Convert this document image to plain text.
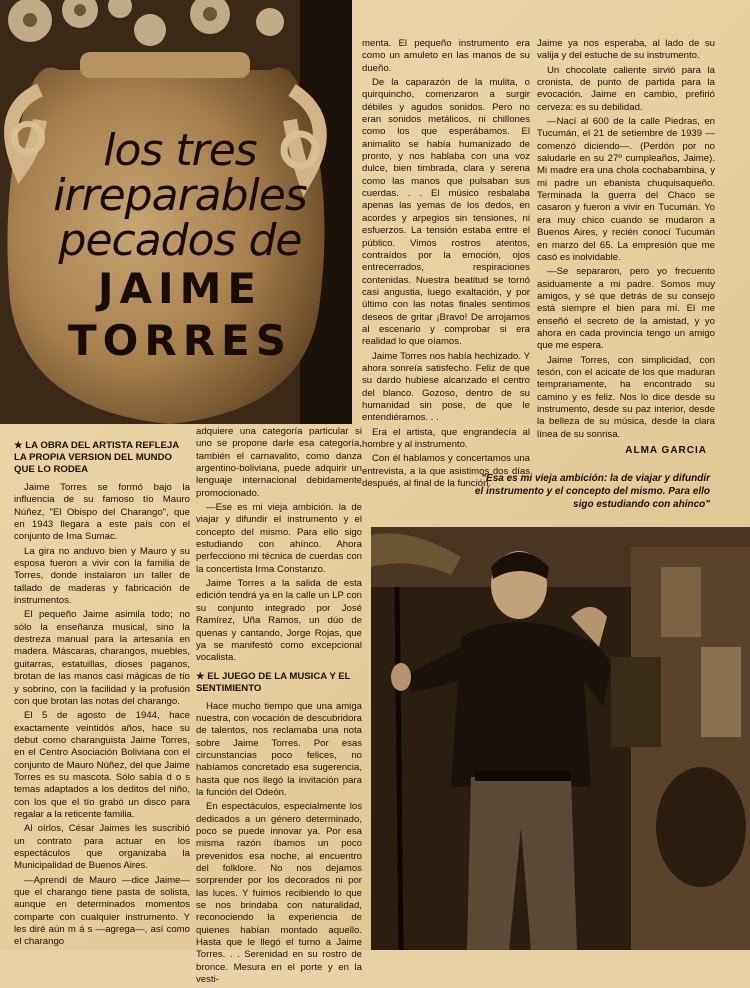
los tres
irreparables
pecados de
JAIME
TORRES
★ LA OBRA DEL ARTISTA REFLEJA LA PROPIA VERSION DEL MUNDO QUE LO RODEA

Jaime Torres se formó bajo la influencia de su famoso tío Mauro Núñez, "El Obispo del Charango", que en 1943 llegara a este país con el conjunto de Ima Sumac.

La gira no anduvo bien y Mauro y su esposa fueron a vivir con la familia de Torres, donde instalaron un taller de tallado de maderas y fabricación de instrumentos.

El pequeño Jaime asimila todo; no sólo la enseñanza musical, sino la destreza manual para la artesanía en madera. Máscaras, charangos, muebles, guitarras, estatuillas, dioses paganos, brotan de las manos casi mágicas de tío y sobrino, con la facilidad y la profusión con que brotan las notas del charango.

El 5 de agosto de 1944, hace exactamente veintidós años, hace su debut como charanguista Jaime Torres, en el Centro Asociación Boliviana con el conjunto de Mauro Núñez, del que Jaime Torres es su mascota. Sólo sabía d o s temas adaptados a los deditos del niño, con los que el tío grabó un disco para regalar a la reticente familia.

Al oírlos, César Jaimes les suscribió un contrato para actuar en los espectáculos que organizaba la Municipalidad de Buenos Aires.

—Aprendí de Mauro —dice Jaime— que el charango tiene pasta de solista, aunque en determinados momentos comparte con cualquier instrumento. Y les diré aún m á s —agrega—, así como el charango

adquiere una categoría particular si uno se propone darle esa categoría, también el carnavalito, como danza argentino-boliviana, puede adquirir un lenguaje internacional debidamente promocionado.

—Ese es mi vieja ambición. la de viajar y difundir el instrumento y el concepto del mismo. Para ello sigo estudiando con ahínco. Ahora perfecciono mi técnica de cuerdas con la concertista Irma Constanzo.

Jaime Torres a la salida de esta edición tendrá ya en la calle un LP con su conjunto integrado por José Ramírez, Uña Ramos, un dúo de quenas y cantando, Jorge Rojas, que ya se manifestó como excepcional vocalista.

★ EL JUEGO DE LA MUSICA Y EL SENTIMIENTO

Hace mucho tiempo que una amiga nuestra, con vocación de descubridora de talentos, nos reclamaba una nota sobre Jaime Torres. Por esas circunstancias poco felices, no habíamos concretado esa sugerencia, hasta que nos llegó la invitación para la función del Odeón.

En espectáculos, especialmente los dedicados a un género determinado, poco se puede innovar ya. Por esa misma razón íbamos un poco prevenidos esa noche, al encuentro del folklore. No nos dejamos sorprender por los decorados ni por las luces. Y fuimos recibiendo lo que se nos brindaba con naturalidad, reconociendo la experiencia de quienes habían montado aquello. Hasta que le llegó el turno a Jaime Torres. . . Serenidad en su rostro de bronce. Mesura en el porte y en la vesti-

menta. El pequeño instrumento era como un amuleto en las manos de su dueño.

De la caparazón de la mulita, o quirquincho, comenzaron a surgir débiles y agudos sonidos. Pero no eran sonidos metálicos, ni chillones como los que esperábamos. El animalito se había humanizado de pronto, y nos hablaba con una voz dulce, bien timbrada, clara y serena como las manos que pulsaban sus cuerdas. . . El músico resbalaba apenas las yemas de los dedos, en acordes y arpegios sin tensiones, ni esfuerzos. La tensión estaba entre el público. Vimos rostros atentos, contraídos por la emoción, ojos entrecerrados, respiraciones contenidas. Nuestra beatitud se tornó casi angustia, luego exaltación, y por último con las notas finales sentimos deseos de gritar ¡Bravo! De arrojarnos al escenario y comprobar si era realidad lo que oíamos.

Jaime Torres nos había hechizado. Y ahora sonreía satisfecho. Feliz de que su dardo hubiese alcanzado el centro del blanco. Gozoso, dentro de su humanidad sin pose, de que le entendiéramos. . .

Era el artista, que engrandecía al hombre y al instrumento.

Con él hablamos y concertamos una entrevista, a la que asistimos dos días después, al final de la función.

Jaime ya nos esperaba, al lado de su valija y del estuche de su instrumento.

Un chocolate caliente sirvió para la cronista, de punto de partida para la evocación. Jaime en cambio, prefirió cerveza: es su debilidad.

—Nací al 600 de la calle Piedras, en Tucumán, el 21 de setiembre de 1939 —comenzó diciendo—. (Perdón por no saludarle en su 27º cumpleaños, Jaime). Mi madre era una chola cochabambina, y mi padre un ebanista chuquisaqueño. Terminada la guerra del Chaco se casaron y fueron a vivir en Tucumán. Yo era muy chico cuando se mudaron a Buenos Aires, y recién conocí Tucumán en marzo del 65. La empresión que me casó es inolvidable.

—Se separaron, pero yo frecuento asiduamente a mi padre. Somos muy amigos, y sé que detrás de su consejo está siempre el bien para mí. El me enseñó el secreto de la amistad, y yo ahora en cada provincia tengo un amigo que me espera.

Jaime Torres, con simplicidad, con tesón, con el acicate de los que maduran tempranamente, ha encontrado su camino y es feliz. Nos lo dice desde su instrumento, desde su paz interior, desde la belleza de su música, desde la clara línea de su sonrisa.

ALMA GARCIA
"Esa es mi vieja ambición: la de viajar y difundir el instrumento y el concepto del mismo. Para ello sigo estudiando con ahinco"
